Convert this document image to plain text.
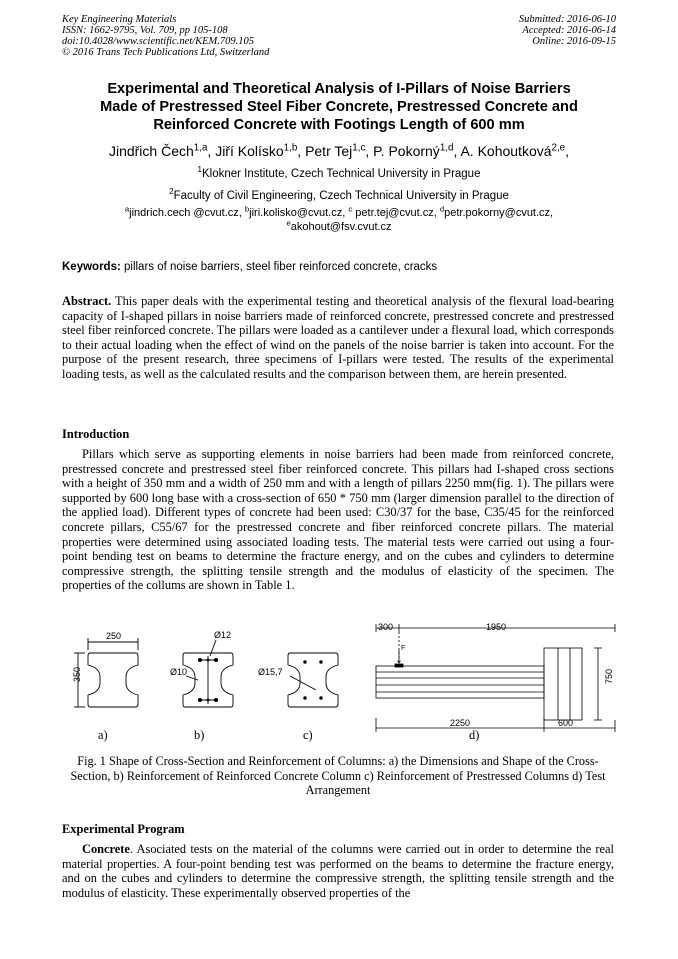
Key Engineering Materials
ISSN: 1662-9795, Vol. 709, pp 105-108
doi:10.4028/www.scientific.net/KEM.709.105
© 2016 Trans Tech Publications Ltd, Switzerland
Submitted: 2016-06-10
Accepted: 2016-06-14
Online: 2016-09-15
Experimental and Theoretical Analysis of I-Pillars of Noise Barriers
Made of Prestressed Steel Fiber Concrete, Prestressed Concrete and
Reinforced Concrete with Footings Length of 600 mm
Jindřich Čech$^{1,a}$, Jiří Kolísko$^{1,b}$, Petr Tej$^{1,c}$, P. Pokorný$^{1,d}$, A. Kohoutková$^{2,e}$,
$^1$Klokner Institute, Czech Technical University in Prague
$^2$Faculty of Civil Engineering, Czech Technical University in Prague
$^a$jindrich.cech @cvut.cz, $^b$jiri.kolisko@cvut.cz, $^c$ petr.tej@cvut.cz, $^d$petr.pokorny@cvut.cz,
$^e$akohout@fsv.cvut.cz
Keywords: pillars of noise barriers, steel fiber reinforced concrete, cracks
Abstract. This paper deals with the experimental testing and theoretical analysis of the flexural load-bearing capacity of I-shaped pillars in noise barriers made of reinforced concrete, prestressed concrete and prestressed steel fiber reinforced concrete. The pillars were loaded as a cantilever under a flexural load, which corresponds to their actual loading when the effect of wind on the panels of the noise barrier is taken into account. For the purpose of the present research, three specimens of I-pillars were tested. The results of the experimental loading tests, as well as the calculated results and the comparison between them, are herein presented.
Introduction
Pillars which serve as supporting elements in noise barriers had been made from reinforced concrete, prestressed concrete and prestressed steel fiber reinforced concrete. This pillars had I-shaped cross sections with a height of 350 mm and a width of 250 mm and with a length of pillars 2250 mm(fig. 1). The pillars were supported by 600 long base with a cross-section of 650 * 750 mm (larger dimension parallel to the direction of the applied load). Different types of concrete had been used: C30/37 for the base, C35/45 for the reinforced concrete pillars, C55/67 for the prestressed concrete and fiber reinforced concrete pillars. The material properties were determined using associated loading tests. The material tests were carried out using a four-point bending test on beams to determine the fracture energy, and on the cubes and cylinders to determine compressive strength, the splitting tensile strength and the modulus of elasticity of the specimen. The properties of the collums are shown in Table 1.
250
350
Ø12
Ø10	Ø15,7
300	1950
F
750
2250	600
a)	b)	c)	d)
Fig. 1 Shape of Cross-Section and Reinforcement of Columns: a) the Dimensions and Shape of the Cross-Section, b) Reinforcement of Reinforced Concrete Column c) Reinforcement of Prestressed Columns d) Test Arrangement
Experimental Program
Concrete. Asociated tests on the material of the columns were carried out in order to determine the real material properties. A four-point bending test was performed on the beams to determine the fracture energy, and on the cubes and cylinders to determine the compressive strength, the splitting tensile strength and the modulus of elasticity. These experimentally observed properties of the
